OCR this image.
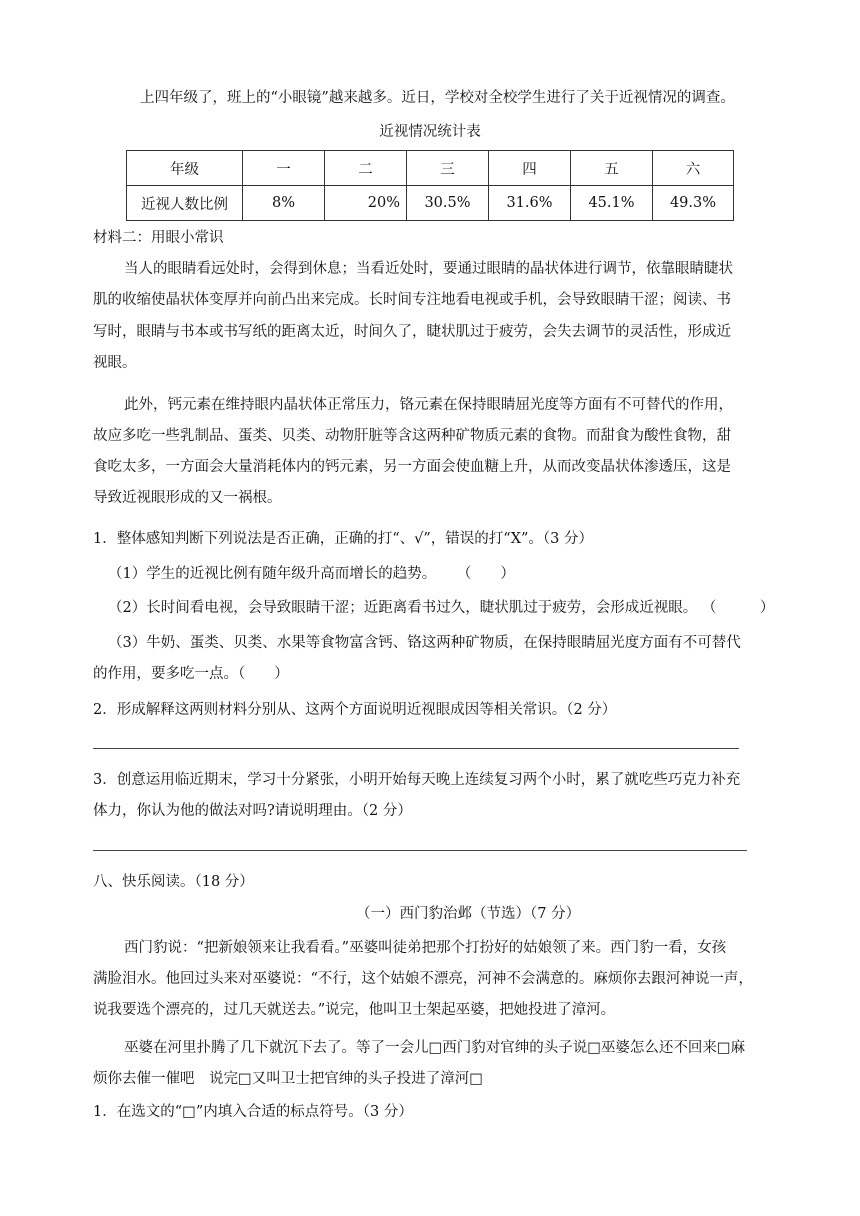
上四年级了，班上的“小眼镜”越来越多。近日，学校对全校学生进行了关于近视情况的调查。
近视情况统计表
年级	一	二	三	四	五	六
近视人数比例	8%	20%	30.5%	31.6%	45.1%	49.3%
材料二：用眼小常识
当人的眼睛看远处时，会得到休息；当看近处时，要通过眼睛的晶状体进行调节，依靠眼睛睫状
肌的收缩使晶状体变厚并向前凸出来完成。长时间专注地看电视或手机，会导致眼睛干涩；阅读、书
写时，眼睛与书本或书写纸的距离太近，时间久了，睫状肌过于疲劳，会失去调节的灵活性，形成近
视眼。
此外，钙元素在维持眼内晶状体正常压力，铬元素在保持眼睛屈光度等方面有不可替代的作用，
故应多吃一些乳制品、蛋类、贝类、动物肝脏等含这两种矿物质元素的食物。而甜食为酸性食物，甜
食吃太多，一方面会大量消耗体内的钙元素，另一方面会使血糖上升，从而改变晶状体渗透压，这是
导致近视眼形成的又一祸根。
1．整体感知判断下列说法是否正确，正确的打“、√”，错误的打“X”。（3 分）
（1）学生的近视比例有随年级升高而增长的趋势。 （　　）
（2）长时间看电视，会导致眼睛干涩；近距离看书过久，睫状肌过于疲劳，会形成近视眼。 （　　　）
（3）牛奶、蛋类、贝类、水果等食物富含钙、铬这两种矿物质，在保持眼睛屈光度方面有不可替代
的作用，要多吃一点。（　　）
2．形成解释这两则材料分别从、这两个方面说明近视眼成因等相关常识。（2 分）
3．创意运用临近期末，学习十分紧张，小明开始每天晚上连续复习两个小时，累了就吃些巧克力补充
体力，你认为他的做法对吗?请说明理由。（2 分）
八、快乐阅读。（18 分）
（一）西门豹治邺（节选）（7 分）
西门豹说：“把新娘领来让我看看。”巫婆叫徒弟把那个打扮好的姑娘领了来。西门豹一看，女孩
满脸泪水。他回过头来对巫婆说：“不行，这个姑娘不漂亮，河神不会满意的。麻烦你去跟河神说一声，
说我要选个漂亮的，过几天就送去。”说完，他叫卫士架起巫婆，把她投进了漳河。
巫婆在河里扑腾了几下就沉下去了。等了一会儿□西门豹对官绅的头子说□巫婆怎么还不回来□麻
烦你去催一催吧　说完□又叫卫士把官绅的头子投进了漳河□
1．在选文的“□”内填入合适的标点符号。（3 分）
